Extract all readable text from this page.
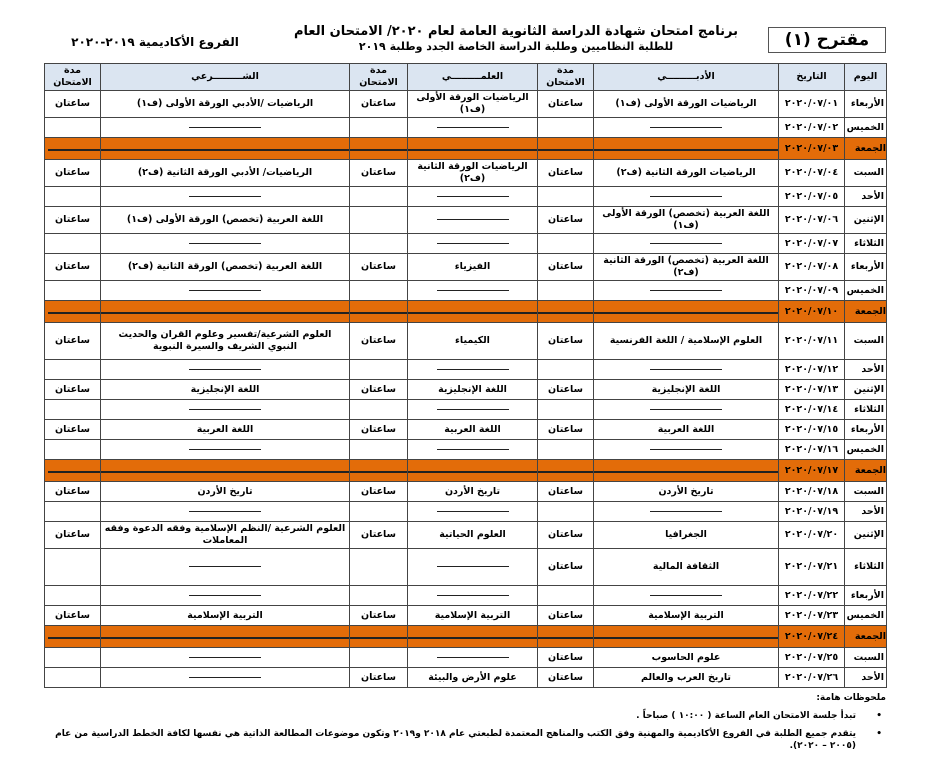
مقترح (١)
برنامج امتحان شهادة الدراسة الثانوية العامة لعام ٢٠٢٠/ الامتحان العام
للطلبة النظاميين وطلبة الدراسة الخاصة الجدد وطلبة ٢٠١٩
الفروع الأكاديمية ٢٠١٩-٢٠٢٠
اليوم	التاريخ	الأدبـــــــــي	مدة الامتحان	العلمـــــــــي	مدة الامتحان	الشـــــــــرعي	مدة الامتحان
الأربعاء	٢٠٢٠/٠٧/٠١	الرياضيات الورقة الأولى (ف١)	ساعتان	الرياضيات الورقة الأولى (ف١)	ساعتان	الرياضيات /الأدبي الورقة الأولى (ف١)	ساعتان
الخميس	٢٠٢٠/٠٧/٠٢						
الجمعة	٢٠٢٠/٠٧/٠٣						
السبت	٢٠٢٠/٠٧/٠٤	الرياضيات الورقة الثانية (ف٢)	ساعتان	الرياضيات الورقة الثانية (ف٢)	ساعتان	الرياضيات/ الأدبي الورقة الثانية (ف٢)	ساعتان
الأحد	٢٠٢٠/٠٧/٠٥						
الإثنين	٢٠٢٠/٠٧/٠٦	اللغة العربية (تخصص) الورقة الأولى (ف١)	ساعتان			اللغة العربية (تخصص) الورقة الأولى (ف١)	ساعتان
الثلاثاء	٢٠٢٠/٠٧/٠٧						
الأربعاء	٢٠٢٠/٠٧/٠٨	اللغة العربية (تخصص) الورقة الثانية (ف٢)	ساعتان	الفيزياء	ساعتان	اللغة العربية (تخصص) الورقة الثانية (ف٢)	ساعتان
الخميس	٢٠٢٠/٠٧/٠٩						
الجمعة	٢٠٢٠/٠٧/١٠						
السبت	٢٠٢٠/٠٧/١١	العلوم الإسلامية / اللغة الفرنسية	ساعتان	الكيمياء	ساعتان	العلوم الشرعية/تفسير وعلوم القران والحديث النبوي الشريف والسيرة النبوية	ساعتان
الأحد	٢٠٢٠/٠٧/١٢						
الإثنين	٢٠٢٠/٠٧/١٣	اللغة الإنجليزية	ساعتان	اللغة الإنجليزية	ساعتان	اللغة الإنجليزية	ساعتان
الثلاثاء	٢٠٢٠/٠٧/١٤						
الأربعاء	٢٠٢٠/٠٧/١٥	اللغة العربية	ساعتان	اللغة العربية	ساعتان	اللغة العربية	ساعتان
الخميس	٢٠٢٠/٠٧/١٦						
الجمعة	٢٠٢٠/٠٧/١٧						
السبت	٢٠٢٠/٠٧/١٨	تاريخ الأردن	ساعتان	تاريخ الأردن	ساعتان	تاريخ الأردن	ساعتان
الأحد	٢٠٢٠/٠٧/١٩						
الإثنين	٢٠٢٠/٠٧/٢٠	الجغرافيا	ساعتان	العلوم الحياتية	ساعتان	العلوم الشرعية /النظم الإسلامية وفقه الدعوة وفقه المعاملات	ساعتان
الثلاثاء	٢٠٢٠/٠٧/٢١	الثقافة المالية	ساعتان				
الأربعاء	٢٠٢٠/٠٧/٢٢						
الخميس	٢٠٢٠/٠٧/٢٣	التربية الإسلامية	ساعتان	التربية الإسلامية	ساعتان	التربية الإسلامية	ساعتان
الجمعة	٢٠٢٠/٠٧/٢٤						
السبت	٢٠٢٠/٠٧/٢٥	علوم الحاسوب	ساعتان				
الأحد	٢٠٢٠/٠٧/٢٦	تاريخ العرب والعالم	ساعتان	علوم الأرض والبيئة	ساعتان		
ملحوظات هامة:
• تبدأ جلسة الامتحان العام الساعة ( ١٠:٠٠ ) صباحاً .
• يتقدم جميع الطلبة في الفروع الأكاديمية والمهنية وفق الكتب والمناهج المعتمدة لطبعتي عام ٢٠١٨ و٢٠١٩ وتكون موضوعات المطالعة الذاتية هي نفسها لكافة الخطط الدراسية من عام (٢٠٠٥ – ٢٠٢٠).
